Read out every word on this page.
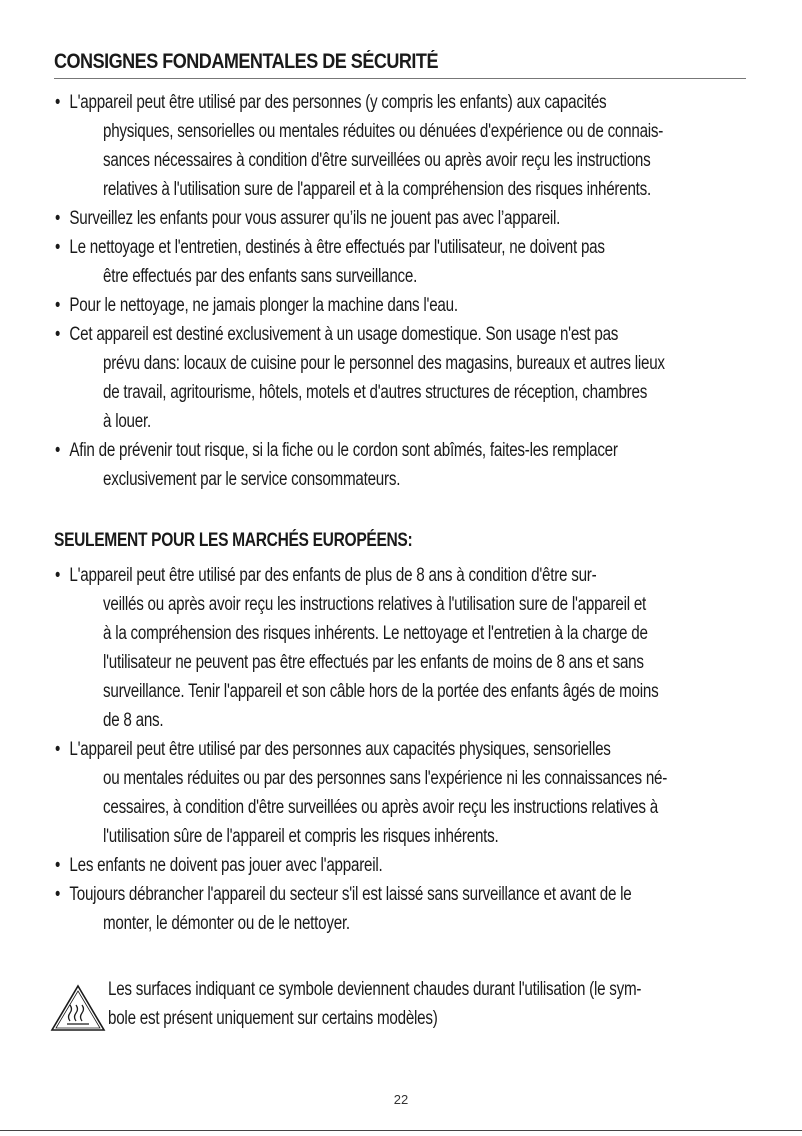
CONSIGNES FONDAMENTALES DE SÉCURITÉ
• L'appareil peut être utilisé par des personnes (y compris les enfants) aux capacités
physiques, sensorielles ou mentales réduites ou dénuées d'expérience ou de connais-
sances nécessaires à condition d'être surveillées ou après avoir reçu les instructions
relatives à l'utilisation sure de l'appareil et à la compréhension des risques inhérents.
• Surveillez les enfants pour vous assurer qu’ils ne jouent pas avec l’appareil.
• Le nettoyage et l'entretien, destinés à être effectués par l'utilisateur, ne doivent pas
être effectués par des enfants sans surveillance.
• Pour le nettoyage, ne jamais plonger la machine dans l'eau.
• Cet appareil est destiné exclusivement à un usage domestique. Son usage n'est pas
prévu dans: locaux de cuisine pour le personnel des magasins, bureaux et autres lieux
de travail, agritourisme, hôtels, motels et d'autres structures de réception, chambres
à louer.
• Afin de prévenir tout risque, si la fiche ou le cordon sont abîmés, faites-les remplacer
exclusivement par le service consommateurs.
SEULEMENT POUR LES MARCHÉS EUROPÉENS:
• L'appareil peut être utilisé par des enfants de plus de 8 ans à condition d'être sur-
veillés ou après avoir reçu les instructions relatives à l'utilisation sure de l'appareil et
à la compréhension des risques inhérents. Le nettoyage et l'entretien à la charge de
l'utilisateur ne peuvent pas être effectués par les enfants de moins de 8 ans et sans
surveillance. Tenir l'appareil et son câble hors de la portée des enfants âgés de moins
de 8 ans.
• L'appareil peut être utilisé par des personnes aux capacités physiques, sensorielles
ou mentales réduites ou par des personnes sans l'expérience ni les connaissances né-
cessaires, à condition d'être surveillées ou après avoir reçu les instructions relatives à
l'utilisation sûre de l'appareil et compris les risques inhérents.
• Les enfants ne doivent pas jouer avec l'appareil.
• Toujours débrancher l'appareil du secteur s'il est laissé sans surveillance et avant de le
monter, le démonter ou de le nettoyer.
Les surfaces indiquant ce symbole deviennent chaudes durant l'utilisation (le sym-
bole est présent uniquement sur certains modèles)
22
